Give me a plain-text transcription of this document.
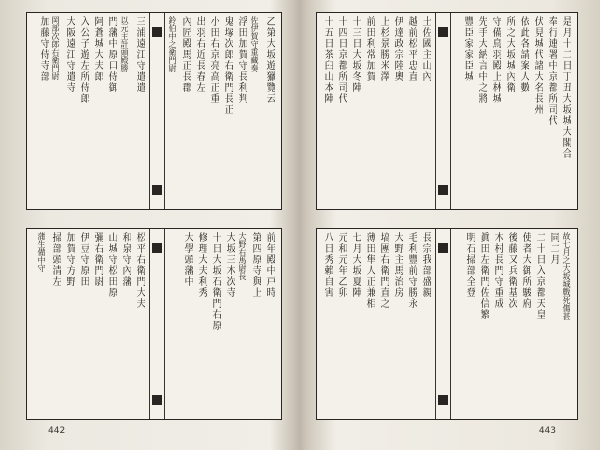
乙第大坂遊獵覽云
佐伊賀守重藏奏
浮田加賀守長利判
鬼塚次郎右衛門長正
小田右京亮高正重
出羽右近長春左
內匠殿馬正長郡
三浦遠江守遣遣
以元主計頭殿勝
門藩中原口侍御
阿蒼城大夫郎
入公子遊左所侍郎
大阪遠江守遣寺
岡部次郎右衛門尉
加藤守侍寺部	鈴伯中之衛門尉
前年殿中戸時
第四原寺與上
大野右馬尉長
大坂三木次寺
十日大坂石衛門右原
修理大夫利秀
大學頭藩中
松平右衛門大夫
和泉守內藩
山城守松田原
彌右衛門尉
伊豆守原田
加賀守方野
掃部頭清左
蒲生備中守
442
是月十二日丁丑大坂城大閣合
奉行連署中京都所司代
伏見城代諸大名長州
依此各請案人數
所之大坂城內衛
守備鳥羽殿上林城
先手大納言中之將
豐臣家家臣城
土佐國主山內
越前松平忠直
伊達政宗陸奧
上杉景勝米澤
前田利常加賀
十三日大坂冬陣
十四日京都所司代
十五日茶臼山本陣
故七月之大坂城戰死傷甚
同二月
二十日入京都天皇
使者大御所駿府
後藤又兵衛基次
木村長門守重成
眞田左衛門佐信繁
明石掃部全登
長宗我部盛親
毛利豐前守勝永
大野主馬治房
塙團右衛門直之
薄田隼人正兼相
七月大坂夏陣
元和元年乙卯
八日秀賴自害
443
